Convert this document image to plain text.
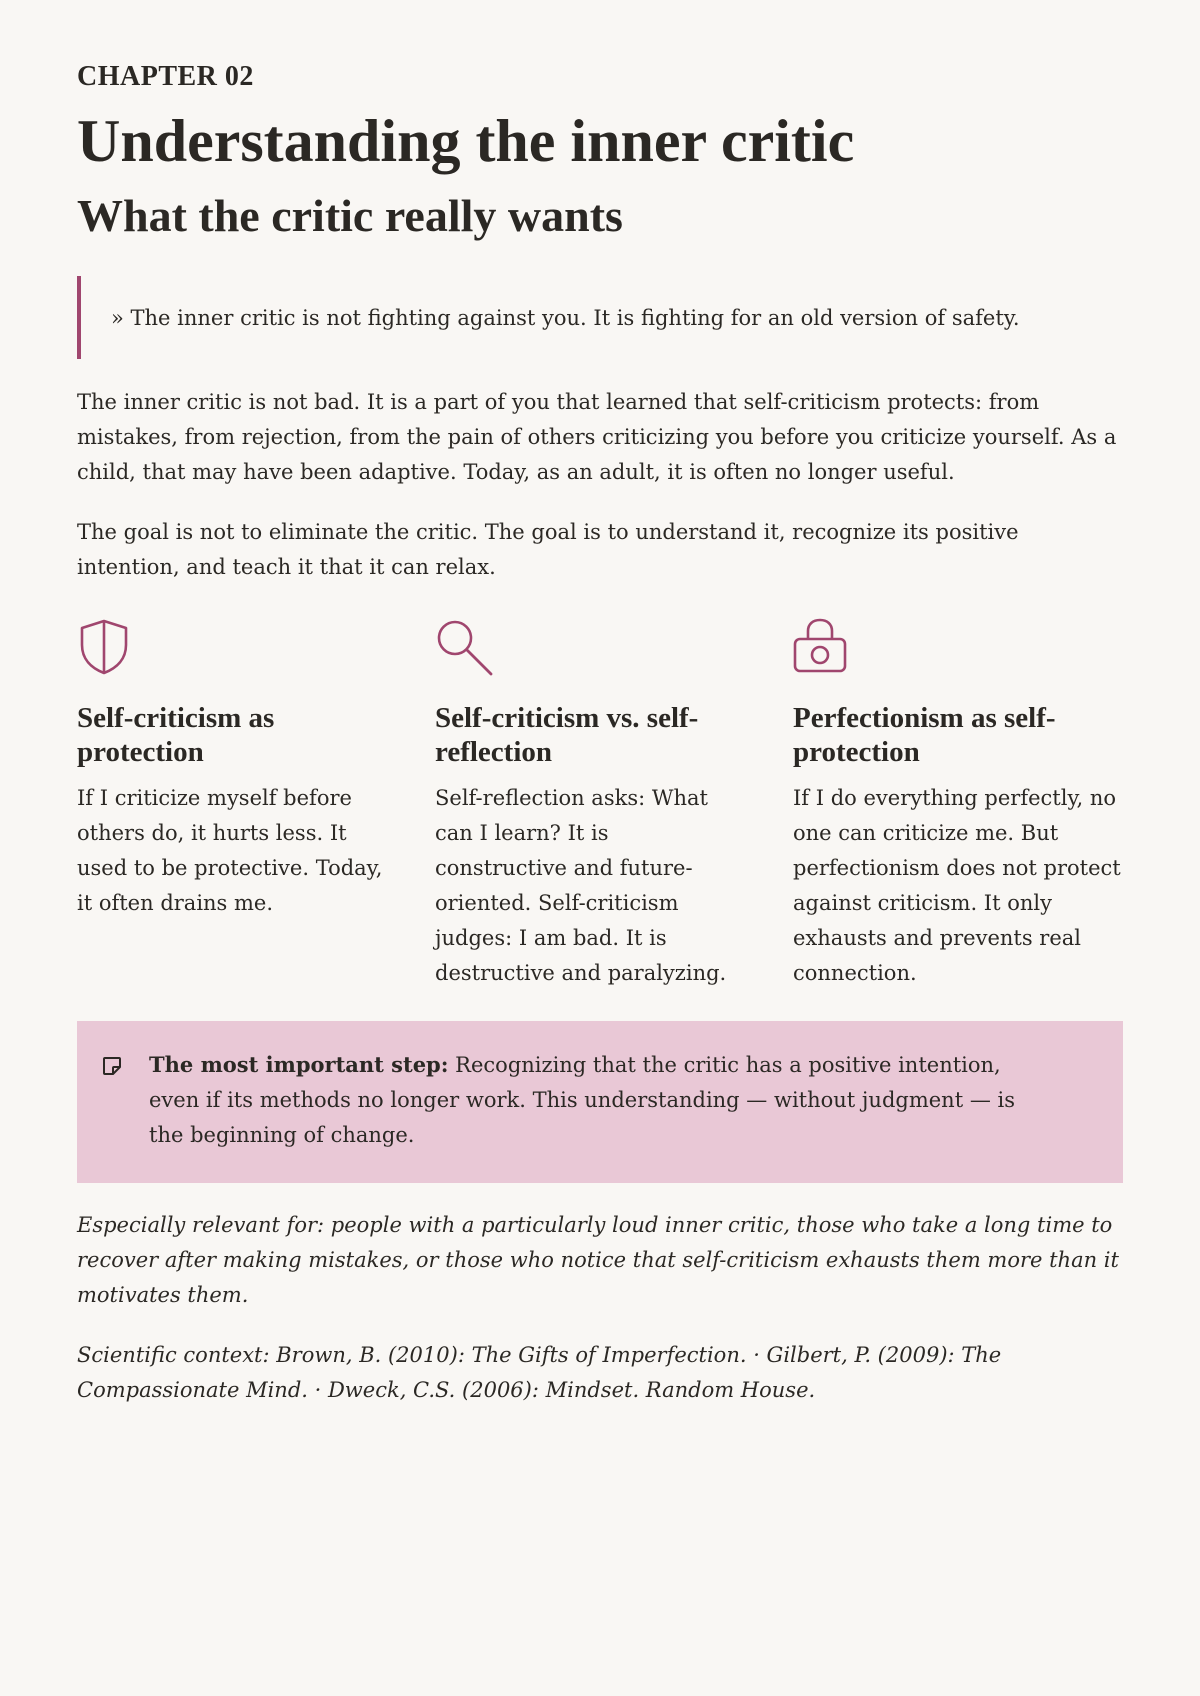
CHAPTER 02
Understanding the inner critic
What the critic really wants
» The inner critic is not fighting against you. It is fighting for an old version of safety.

The inner critic is not bad. It is a part of you that learned that self-criticism protects: from mistakes, from rejection, from the pain of others criticizing you before you criticize yourself. As a child, that may have been adaptive. Today, as an adult, it is often no longer useful.

The goal is not to eliminate the critic. The goal is to understand it, recognize its positive intention, and teach it that it can relax.

Self-criticism as protection

If I criticize myself before others do, it hurts less. It used to be protective. Today, it often drains me.

Self-criticism vs. self-reflection

Self-reflection asks: What can I learn? It is constructive and future-oriented. Self-criticism judges: I am bad. It is destructive and paralyzing.

Perfectionism as self-protection

If I do everything perfectly, no one can criticize me. But perfectionism does not protect against criticism. It only exhausts and prevents real connection.

The most important step: Recognizing that the critic has a positive intention, even if its methods no longer work. This understanding — without judgment — is the beginning of change.

Especially relevant for: people with a particularly loud inner critic, those who take a long time to recover after making mistakes, or those who notice that self-criticism exhausts them more than it motivates them.

Scientific context: Brown, B. (2010): The Gifts of Imperfection. · Gilbert, P. (2009): The Compassionate Mind. · Dweck, C.S. (2006): Mindset. Random House.
